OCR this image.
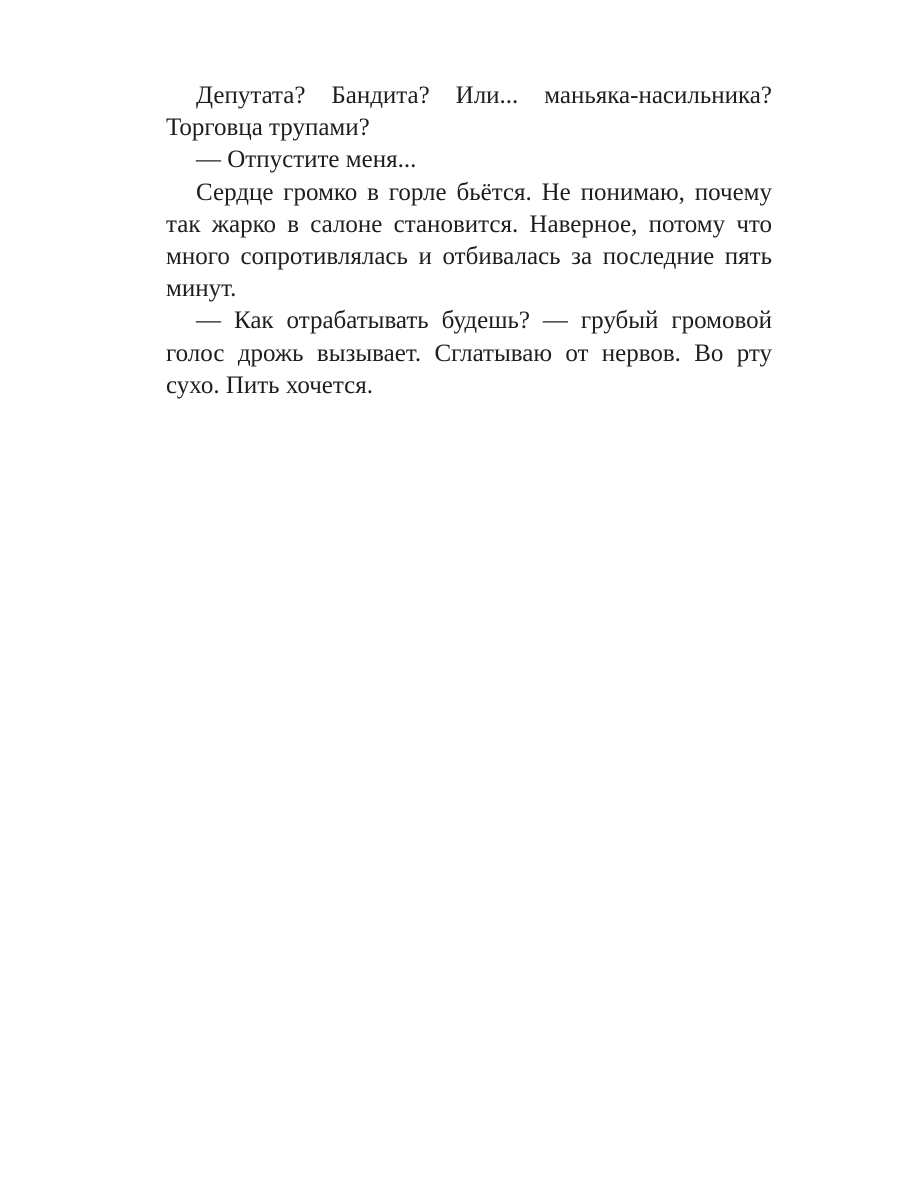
Депутата? Бандита? Или... маньяка-насильника? Торговца трупами?

— Отпустите меня...

Сердце громко в горле бьётся. Не понимаю, почему так жарко в салоне становится. Наверное, потому что много сопротивлялась и отбивалась за последние пять минут.

— Как отрабатывать будешь? — грубый громовой голос дрожь вызывает. Сглатываю от нервов. Во рту сухо. Пить хочется.
